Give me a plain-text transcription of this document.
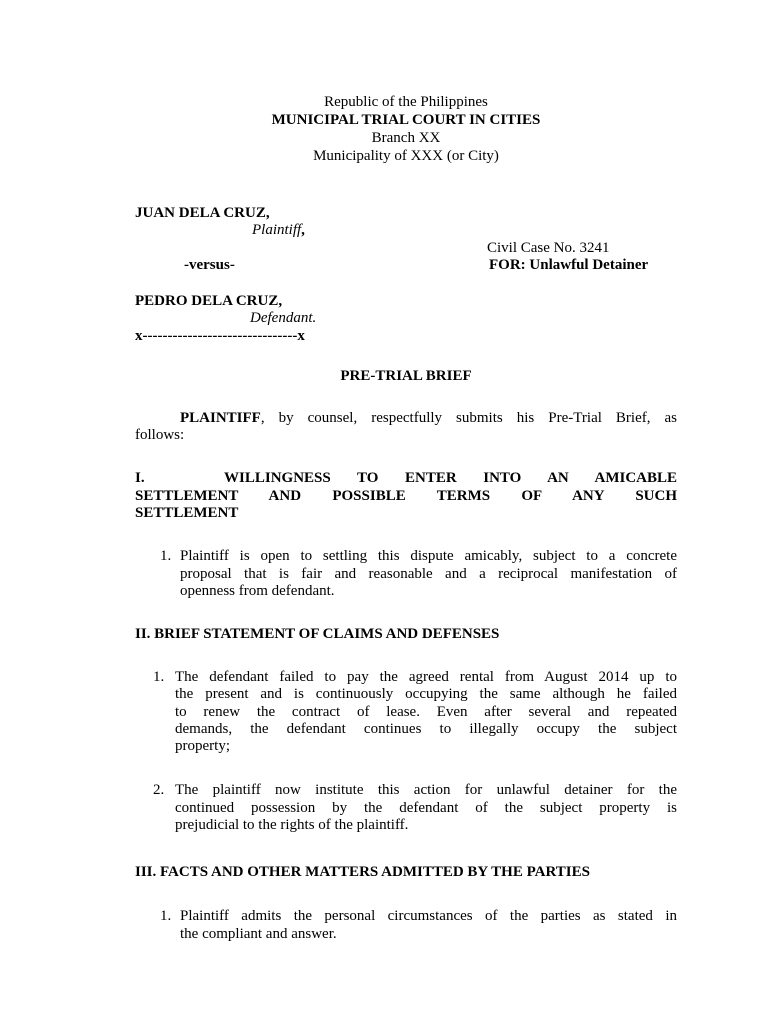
Republic of the Philippines
MUNICIPAL TRIAL COURT IN CITIES
Branch XX
Municipality of XXX (or City)
JUAN DELA CRUZ,
Plaintiff,
Civil Case No. 3241
-versus-	FOR: Unlawful Detainer
PEDRO DELA CRUZ,
Defendant.
x-------------------------------x
PRE-TRIAL BRIEF
PLAINTIFF, by counsel, respectfully submits his Pre-Trial Brief, as
follows:
I.      WILLINGNESS  TO  ENTER  INTO  AN  AMICABLE
SETTLEMENT   AND   POSSIBLE   TERMS   OF   ANY   SUCH
SETTLEMENT
1. Plaintiff is open to settling this dispute amicably, subject to a concrete
proposal that is fair and reasonable and a reciprocal manifestation of
openness from defendant.
II. BRIEF STATEMENT OF CLAIMS AND DEFENSES
1. The defendant failed to pay the agreed rental from August 2014 up to
the present and is continuously occupying the same although he failed
to renew the contract of lease. Even after several and repeated
demands, the defendant continues to illegally occupy the subject
property;
2. The plaintiff now institute this action for unlawful detainer for the
continued possession by the defendant of the subject property is
prejudicial to the rights of the plaintiff.
III. FACTS AND OTHER MATTERS ADMITTED BY THE PARTIES
1. Plaintiff admits the personal circumstances of the parties as stated in
the compliant and answer.
